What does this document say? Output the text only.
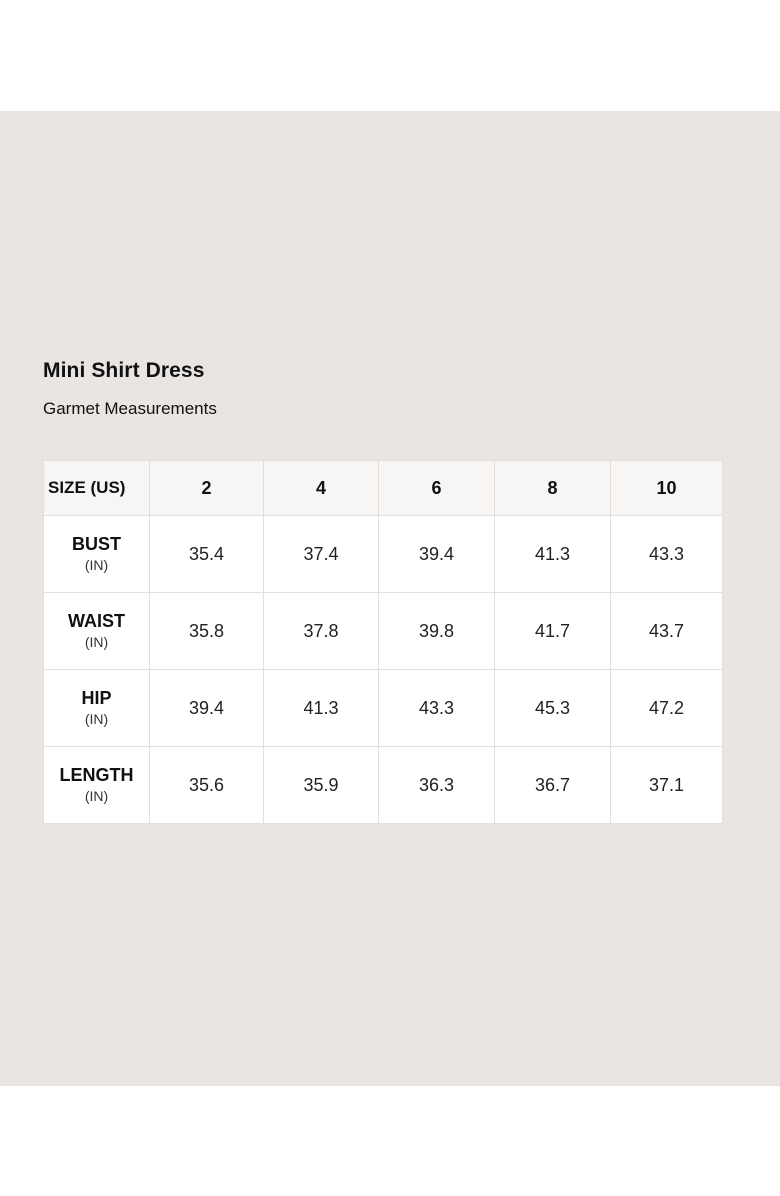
Mini Shirt Dress

Garmet Measurements

SIZE (US)	2	4	6	8	10

BUST
(IN)	35.4	37.4	39.4	41.3	43.3

WAIST
(IN)	35.8	37.8	39.8	41.7	43.7

HIP
(IN)	39.4	41.3	43.3	45.3	47.2

LENGTH
(IN)	35.6	35.9	36.3	36.7	37.1
